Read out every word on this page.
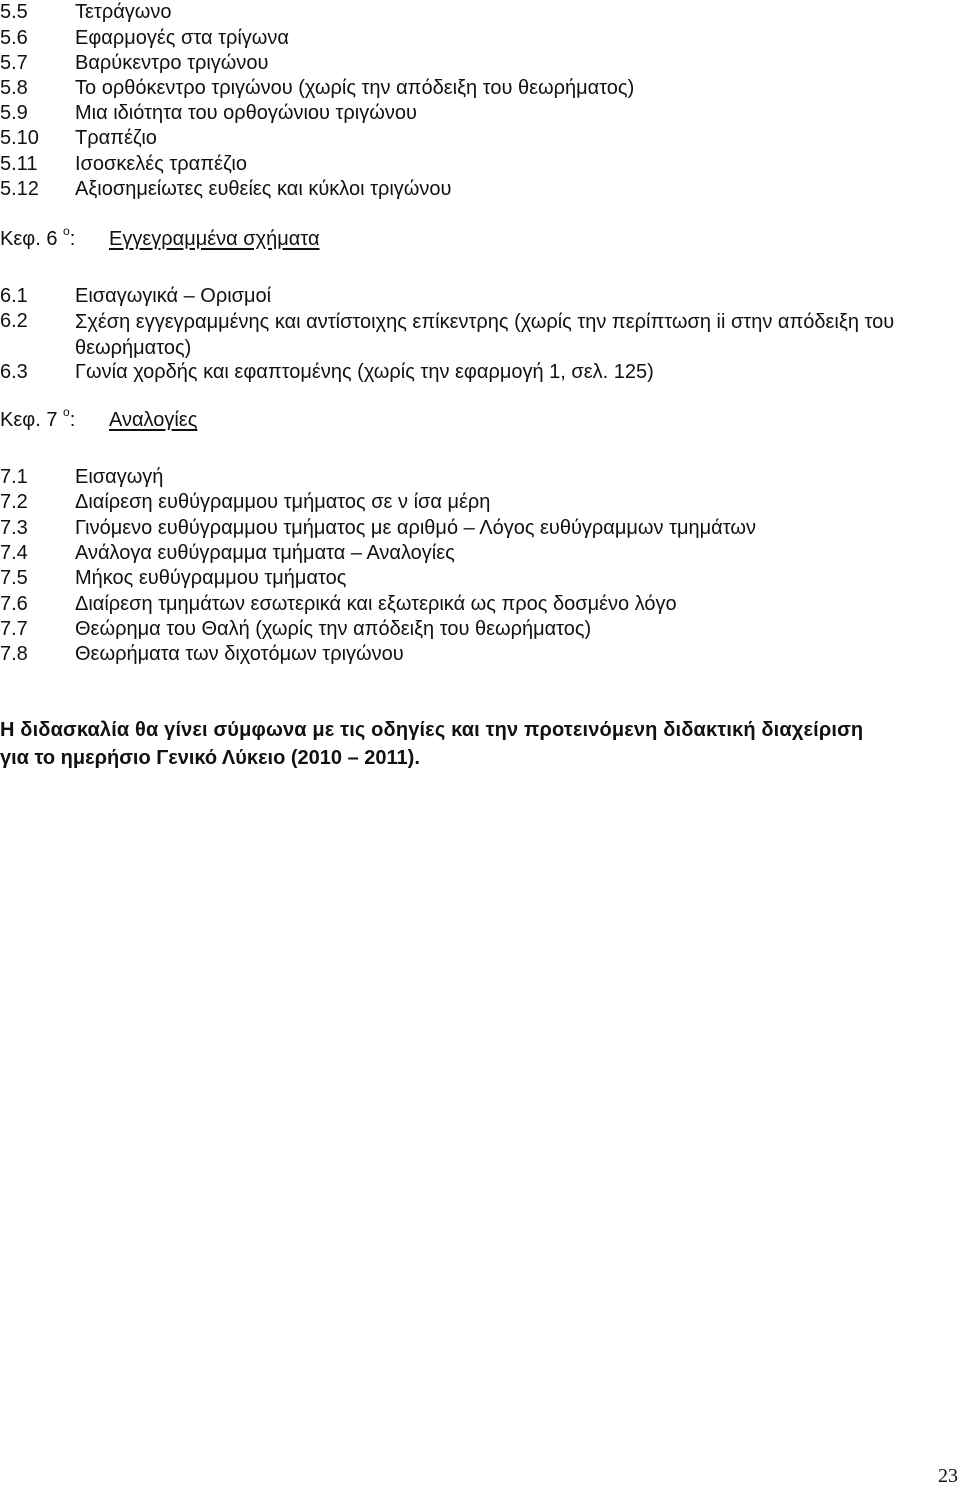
5.5 Τετράγωνο
5.6 Εφαρμογές στα τρίγωνα
5.7 Βαρύκεντρο τριγώνου
5.8 Το ορθόκεντρο τριγώνου (χωρίς την απόδειξη του θεωρήματος)
5.9 Μια ιδιότητα του ορθογώνιου τριγώνου
5.10 Τραπέζιο
5.11 Ισοσκελές τραπέζιο
5.12 Αξιοσημείωτες ευθείες και κύκλοι τριγώνου
Κεφ. 6 $^o$: Εγγεγραμμένα σχήματα
6.1 Εισαγωγικά – Ορισμοί
6.2 Σχέση εγγεγραμμένης και αντίστοιχης επίκεντρης (χωρίς την περίπτωση ii στην απόδειξη του θεωρήματος)
6.3 Γωνία χορδής και εφαπτομένης (χωρίς την εφαρμογή 1, σελ. 125)
Κεφ. 7 $^o$: Αναλογίες
7.1 Εισαγωγή
7.2 Διαίρεση ευθύγραμμου τμήματος σε ν ίσα μέρη
7.3 Γινόμενο ευθύγραμμου τμήματος με αριθμό – Λόγος ευθύγραμμων τμημάτων
7.4 Ανάλογα ευθύγραμμα τμήματα – Αναλογίες
7.5 Μήκος ευθύγραμμου τμήματος
7.6 Διαίρεση τμημάτων εσωτερικά και εξωτερικά ως προς δοσμένο λόγο
7.7 Θεώρημα του Θαλή (χωρίς την απόδειξη του θεωρήματος)
7.8 Θεωρήματα των διχοτόμων τριγώνου
Η διδασκαλία θα γίνει σύμφωνα με τις οδηγίες και την προτεινόμενη διδακτική διαχείριση
για το ημερήσιο Γενικό Λύκειο (2010 – 2011).
23
